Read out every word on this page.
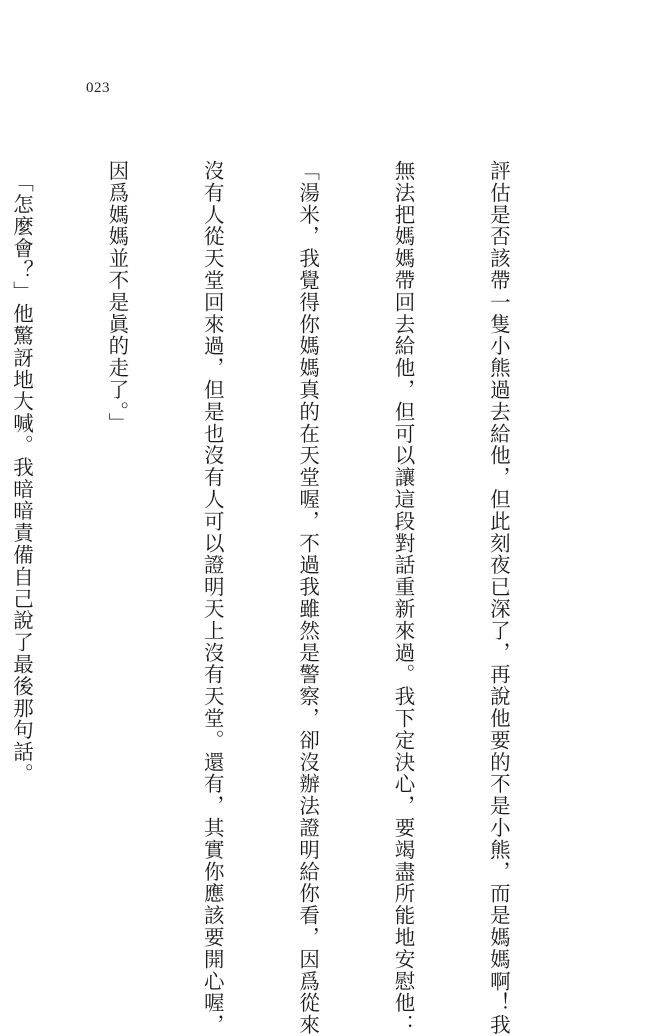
023

評估是否該帶一隻小熊過去給他，但此刻夜已深了，再說他要的不是小熊，而是媽媽啊！我

無法把媽媽帶回去給他，但可以讓這段對話重新來過。我下定決心，要竭盡所能地安慰他：

「湯米，我覺得你媽媽真的在天堂喔，不過我雖然是警察，卻沒辦法證明給你看，因爲從來

沒有人從天堂回來過，但是也沒有人可以證明天上沒有天堂。還有，其實你應該要開心喔，

因爲媽媽並不是眞的走了。」

　「怎麼會？」他驚訝地大喊。我暗暗責備自己說了最後那句話。
